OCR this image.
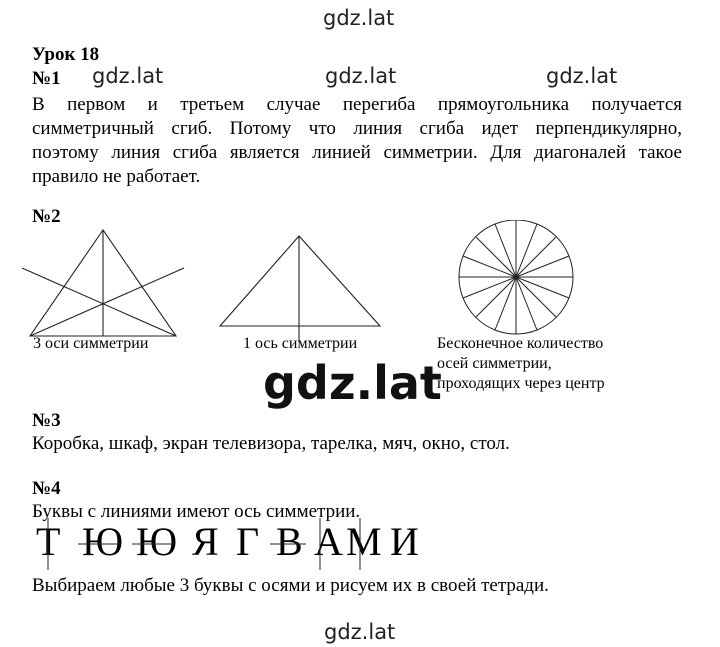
gdz.lat
gdz.lat	gdz.lat	gdz.lat
Урок 18
№1
В первом и третьем случае перегиба прямоугольника получается
симметричный сгиб. Потому что линия сгиба идет перпендикулярно,
поэтому линия сгиба является линией симметрии. Для диагоналей такое
правило не работает.
№2
3 оси симметрии	1 ось симметрии	Бесконечное количество
осей симметрии,
проходящих через центр
gdz.lat
№3
Коробка, шкаф, экран телевизора, тарелка, мяч, окно, стол.
№4
Буквы с линиями имеют ось симметрии.
Т Ю Ю Я Г В А М И
Выбираем любые 3 буквы с осями и рисуем их в своей тетради.
gdz.lat
